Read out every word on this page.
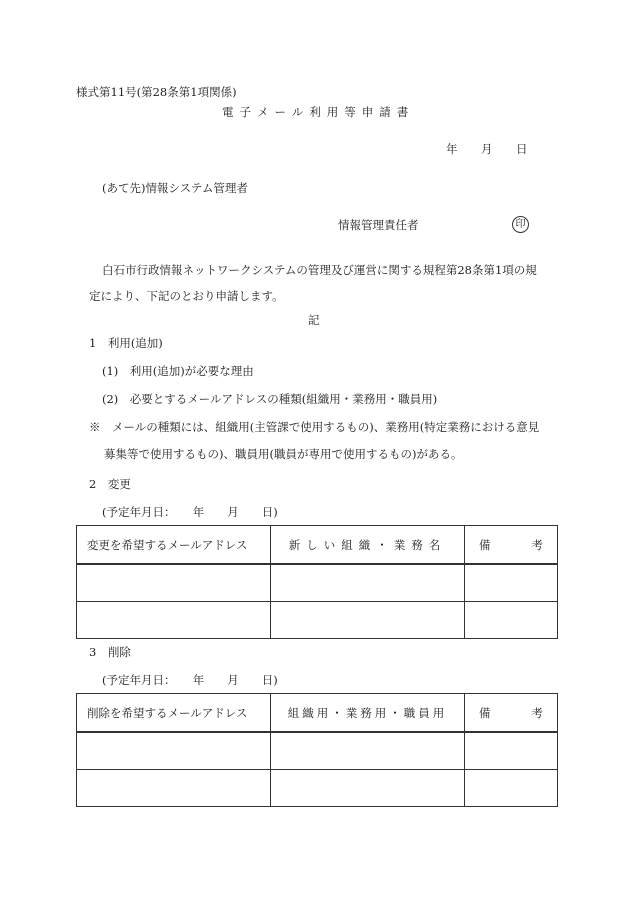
様式第11号(第28条第1項関係)
電子メール利用等申請書
年 月 日
(あて先)情報システム管理者
情報管理責任者	印
白石市行政情報ネットワークシステムの管理及び運営に関する規程第28条第1項の規
定により、下記のとおり申請します。
記
1　利用(追加)
(1)　利用(追加)が必要な理由
(2)　必要とするメールアドレスの種類(組織用・業務用・職員用)
※　メールの種類には、組織用(主管課で使用するもの)、業務用(特定業務における意見
募集等で使用するもの)、職員用(職員が専用で使用するもの)がある。
2　変更
(予定年月日：　　年　　月　　日)
変更を希望するメールアドレス	新しい組織・業務名	備 考

3　削除
(予定年月日：　　年　　月　　日)
削除を希望するメールアドレス	組織用・業務用・職員用	備 考
